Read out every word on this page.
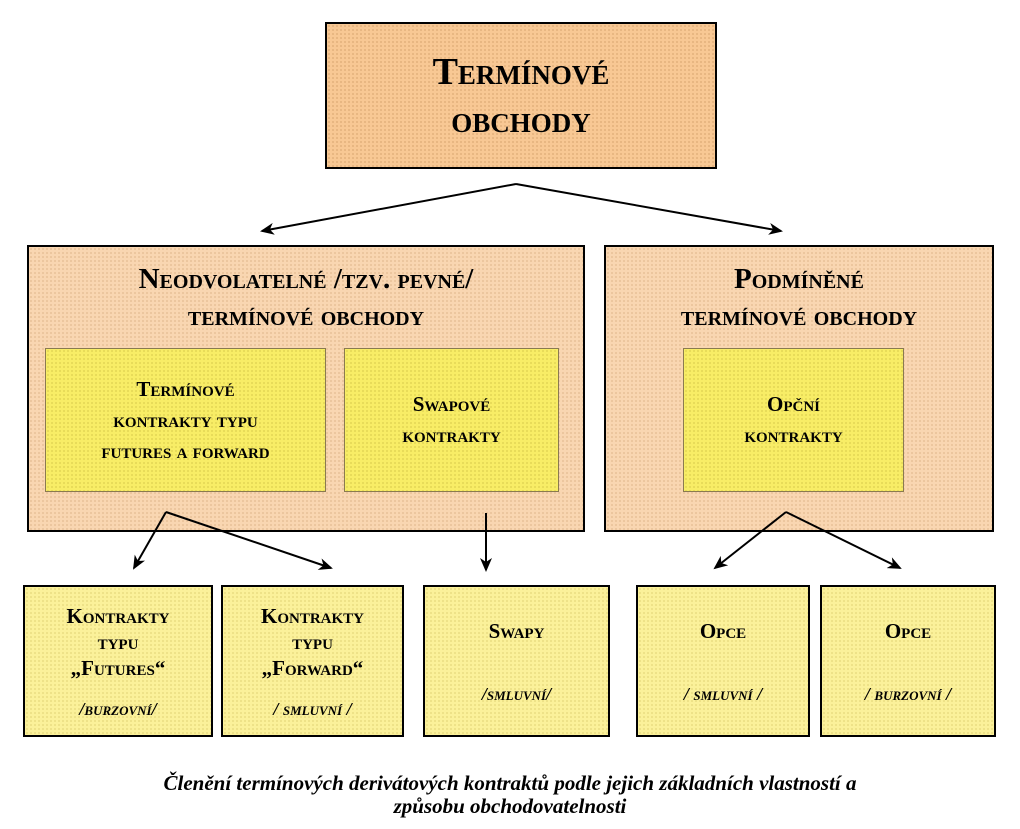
Termínové
obchody
Neodvolatelné /tzv. pevné/
termínové obchody
Podmíněné
termínové obchody
Termínové
kontrakty typu
futures a forward
Swapové
kontrakty
Opční
kontrakty
Kontrakty
typu
„Futures“
/burzovní/
Kontrakty
typu
„Forward“
/ smluvní /
Swapy
/smluvní/
Opce
/ smluvní /
Opce
/ burzovní /
Členění termínových derivátových kontraktů podle jejich základních vlastností a
způsobu obchodovatelnosti
